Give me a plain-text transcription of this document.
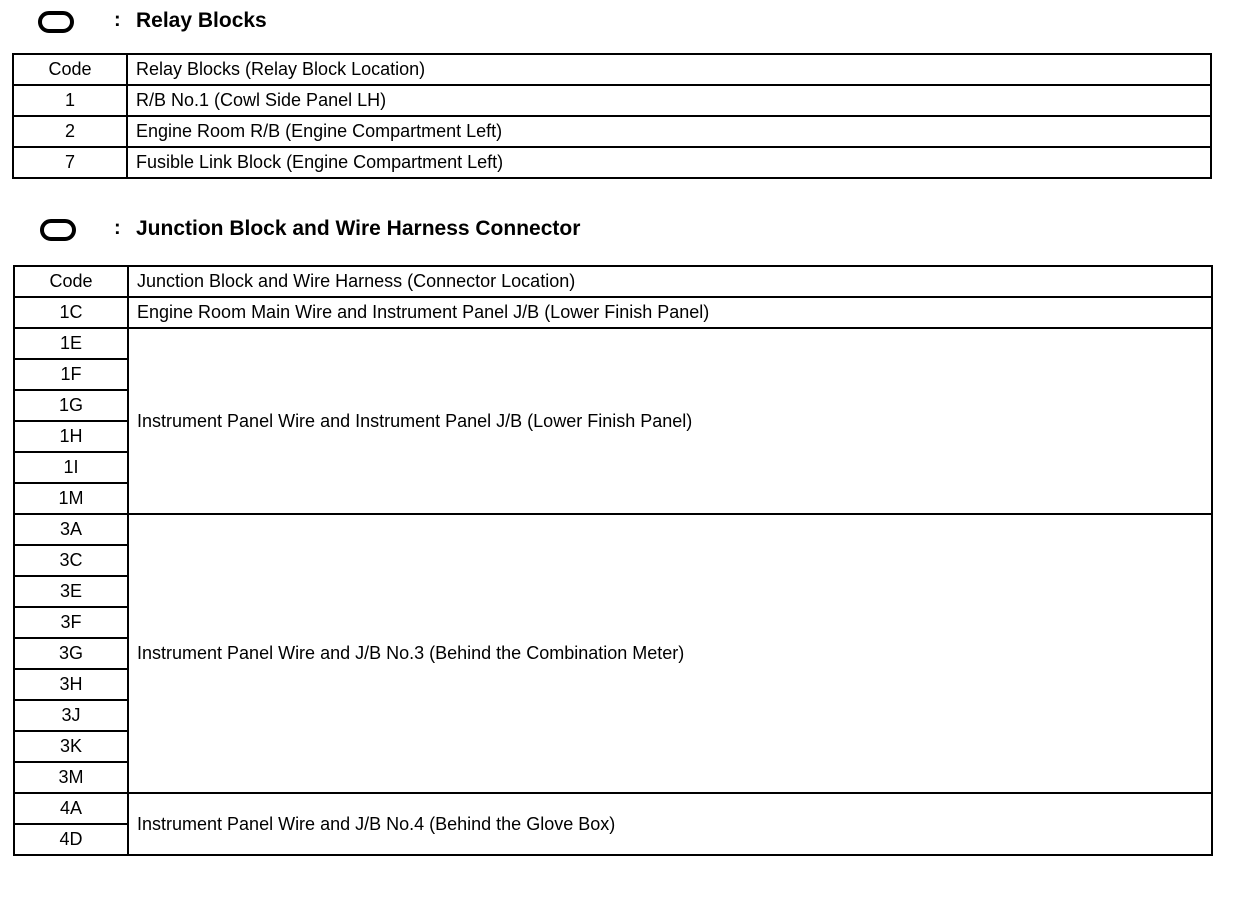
: Relay Blocks
Code	Relay Blocks (Relay Block Location)
1	R/B No.1 (Cowl Side Panel LH)
2	Engine Room R/B (Engine Compartment Left)
7	Fusible Link Block (Engine Compartment Left)
: Junction Block and Wire Harness Connector
Code	Junction Block and Wire Harness (Connector Location)
1C	Engine Room Main Wire and Instrument Panel J/B (Lower Finish Panel)
1E	Instrument Panel Wire and Instrument Panel J/B (Lower Finish Panel)
1F	
1G	
1H	
1I	
1M	
3A	Instrument Panel Wire and J/B No.3 (Behind the Combination Meter)
3C	
3E	
3F	
3G	
3H	
3J	
3K	
3M	
4A	Instrument Panel Wire and J/B No.4 (Behind the Glove Box)
4D	
